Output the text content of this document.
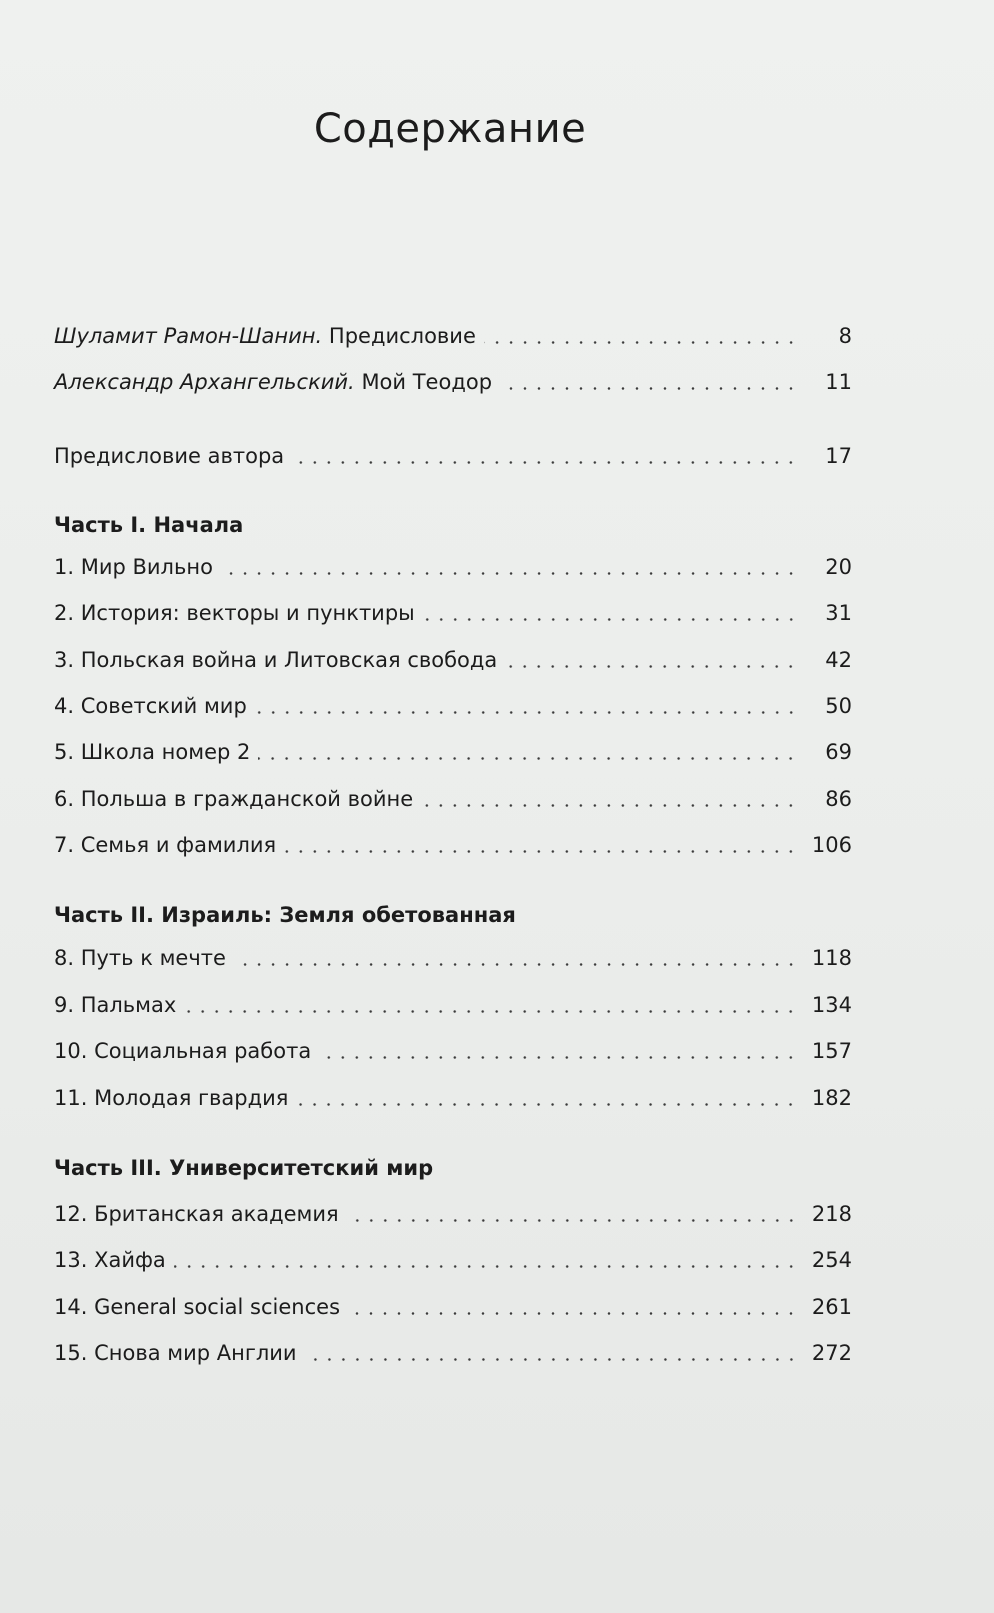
Содержание
Шуламит Рамон-Шанин. Предисловие	8
Александр Архангельский. Мой Теодор	11
Предисловие автора	17
Часть I. Начала
1. Мир Вильно	20
2. История: векторы и пунктиры	31
3. Польская война и Литовская свобода	42
4. Советский мир	50
5. Школа номер 2	69
6. Польша в гражданской войне	86
7. Семья и фамилия	106
Часть II. Израиль: Земля обетованная
8. Путь к мечте	118
9. Пальмах	134
10. Социальная работа	157
11. Молодая гвардия	182
Часть III. Университетский мир
12. Британская академия	218
13. Хайфа	254
14. General social sciences	261
15. Снова мир Англии	272
